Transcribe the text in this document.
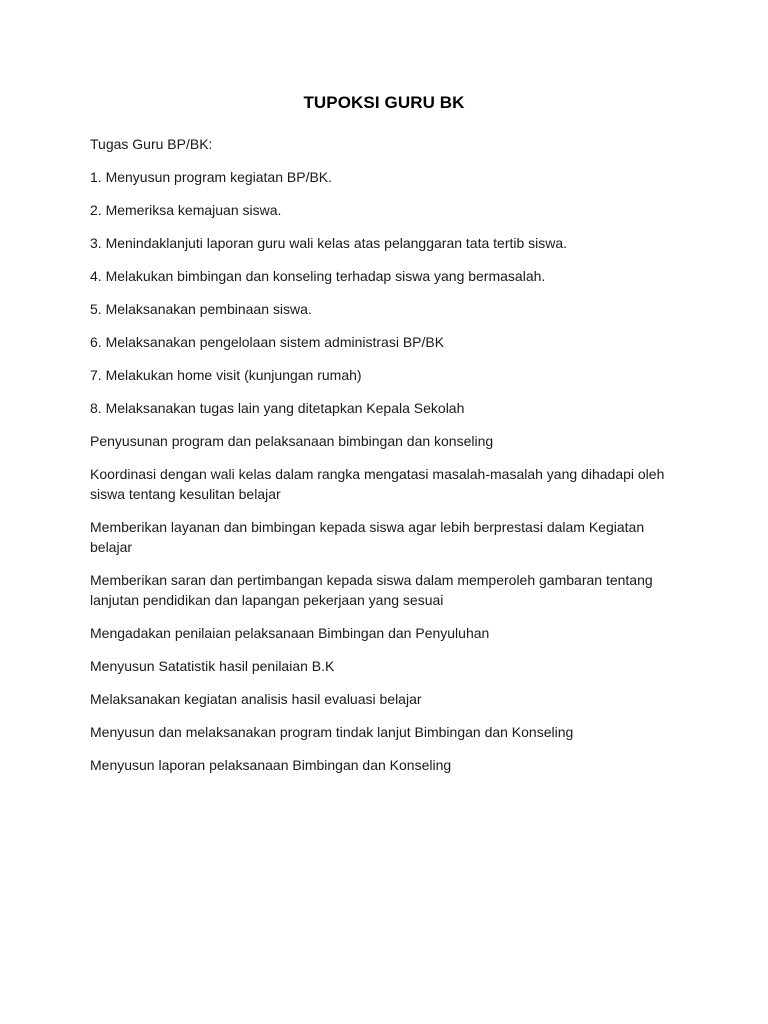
TUPOKSI GURU BK

Tugas Guru BP/BK:

1. Menyusun program kegiatan BP/BK.

2. Memeriksa kemajuan siswa.

3. Menindaklanjuti laporan guru wali kelas atas pelanggaran tata tertib siswa.

4. Melakukan bimbingan dan konseling terhadap siswa yang bermasalah.

5. Melaksanakan pembinaan siswa.

6. Melaksanakan pengelolaan sistem administrasi BP/BK

7. Melakukan home visit (kunjungan rumah)

8. Melaksanakan tugas lain yang ditetapkan Kepala Sekolah

Penyusunan program dan pelaksanaan bimbingan dan konseling

Koordinasi dengan wali kelas dalam rangka mengatasi masalah-masalah yang dihadapi oleh siswa tentang kesulitan belajar

Memberikan layanan dan bimbingan kepada siswa agar lebih berprestasi dalam Kegiatan belajar

Memberikan saran dan pertimbangan kepada siswa dalam memperoleh gambaran tentang lanjutan pendidikan dan lapangan pekerjaan yang sesuai

Mengadakan penilaian pelaksanaan Bimbingan dan Penyuluhan

Menyusun Satatistik hasil penilaian B.K

Melaksanakan kegiatan analisis hasil evaluasi belajar

Menyusun dan melaksanakan program tindak lanjut Bimbingan dan Konseling

Menyusun laporan pelaksanaan Bimbingan dan Konseling
